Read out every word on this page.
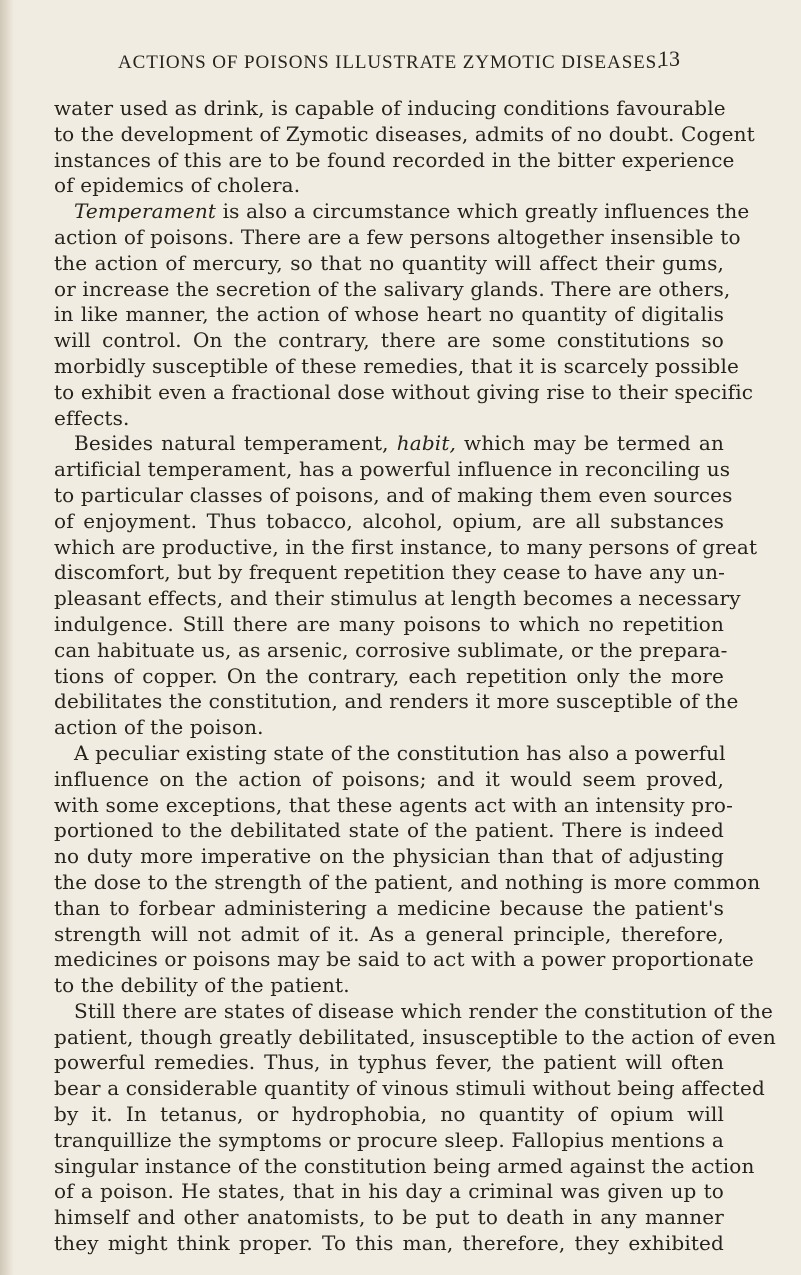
ACTIONS OF POISONS ILLUSTRATE ZYMOTIC DISEASES.
13
water used as drink, is capable of inducing conditions favourable
to the development of Zymotic diseases, admits of no doubt. Cogent
instances of this are to be found recorded in the bitter experience
of epidemics of cholera.
Temperament is also a circumstance which greatly influences the
action of poisons. There are a few persons altogether insensible to
the action of mercury, so that no quantity will affect their gums,
or increase the secretion of the salivary glands. There are others,
in like manner, the action of whose heart no quantity of digitalis
will control. On the contrary, there are some constitutions so
morbidly susceptible of these remedies, that it is scarcely possible
to exhibit even a fractional dose without giving rise to their specific
effects.
Besides natural temperament, habit, which may be termed an
artificial temperament, has a powerful influence in reconciling us
to particular classes of poisons, and of making them even sources
of enjoyment. Thus tobacco, alcohol, opium, are all substances
which are productive, in the first instance, to many persons of great
discomfort, but by frequent repetition they cease to have any un-
pleasant effects, and their stimulus at length becomes a necessary
indulgence. Still there are many poisons to which no repetition
can habituate us, as arsenic, corrosive sublimate, or the prepara-
tions of copper. On the contrary, each repetition only the more
debilitates the constitution, and renders it more susceptible of the
action of the poison.
A peculiar existing state of the constitution has also a powerful
influence on the action of poisons; and it would seem proved,
with some exceptions, that these agents act with an intensity pro-
portioned to the debilitated state of the patient. There is indeed
no duty more imperative on the physician than that of adjusting
the dose to the strength of the patient, and nothing is more common
than to forbear administering a medicine because the patient's
strength will not admit of it. As a general principle, therefore,
medicines or poisons may be said to act with a power proportionate
to the debility of the patient.
Still there are states of disease which render the constitution of the
patient, though greatly debilitated, insusceptible to the action of even
powerful remedies. Thus, in typhus fever, the patient will often
bear a considerable quantity of vinous stimuli without being affected
by it. In tetanus, or hydrophobia, no quantity of opium will
tranquillize the symptoms or procure sleep. Fallopius mentions a
singular instance of the constitution being armed against the action
of a poison. He states, that in his day a criminal was given up to
himself and other anatomists, to be put to death in any manner
they might think proper. To this man, therefore, they exhibited
